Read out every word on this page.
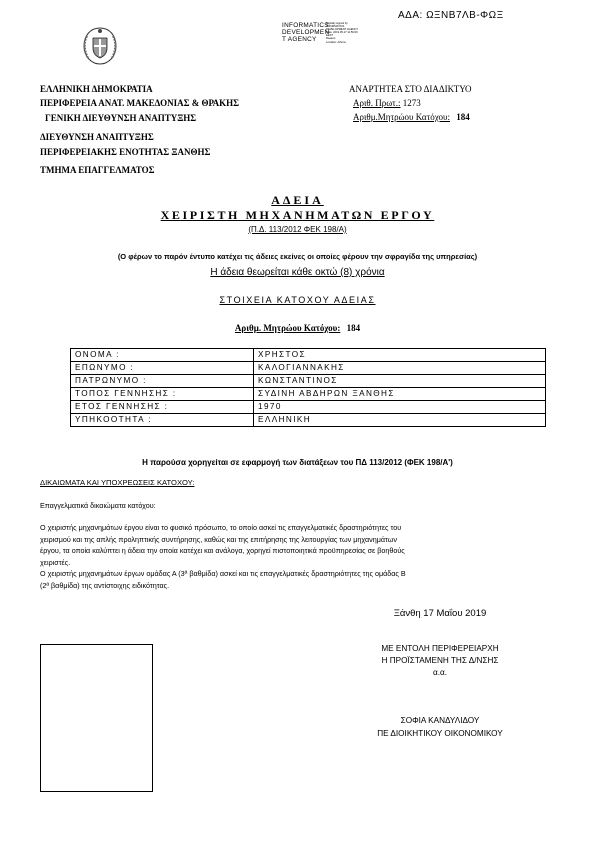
ΑΔΑ: ΩΞΝΒ7ΛΒ-ΦΩΞ
INFORMATICS
DEVELOPMEN
T AGENCY
Digitally signed by
INFORMATICS
DEVELOPMENT AGENCY
Date: 2019.05.17 11:56:09
EEST
Reason:
Location: Athens
ΕΛΛΗΝΙΚΗ ΔΗΜΟΚΡΑΤΙΑ
ΠΕΡΙΦΕΡΕΙΑ ΑΝΑΤ. ΜΑΚΕΔΟΝΙΑΣ & ΘΡΑΚΗΣ
ΓΕΝΙΚΗ ΔΙΕΥΘΥΝΣΗ ΑΝΑΠΤΥΞΗΣ
ΔΙΕΥΘΥΝΣΗ ΑΝΑΠΤΥΞΗΣ
ΠΕΡΙΦΕΡΕΙΑΚΗΣ ΕΝΟΤΗΤΑΣ ΞΑΝΘΗΣ
ΤΜΗΜΑ ΕΠΑΓΓΕΛΜΑΤΟΣ
ΑΝΑΡΤΗΤΕΑ ΣΤΟ ΔΙΑΔΙΚΤΥΟ
Αριθ. Πρωτ.: 1273
Αριθμ.Μητρώου Κατόχου: 184
ΑΔΕΙΑ
ΧΕΙΡΙΣΤΗ ΜΗΧΑΝΗΜΑΤΩΝ ΕΡΓΟΥ
(Π.Δ. 113/2012 ΦΕΚ 198/Α)
(Ο φέρων το παρόν έντυπο κατέχει τις άδειες εκείνες οι οποίες φέρουν την σφραγίδα της υπηρεσίας)
Η άδεια θεωρείται κάθε οκτώ (8) χρόνια
ΣΤΟΙΧΕΙΑ ΚΑΤΟΧΟΥ ΑΔΕΙΑΣ
Αριθμ. Μητρώου Κατόχου: 184
ΟΝΟΜΑ :	ΧΡΗΣΤΟΣ
ΕΠΩΝΥΜΟ :	ΚΑΛΟΓΙΑΝΝΑΚΗΣ
ΠΑΤΡΩΝΥΜΟ :	ΚΩΝΣΤΑΝΤΙΝΟΣ
ΤΟΠΟΣ ΓΕΝΝΗΣΗΣ :	ΣΥΔΙΝΗ ΑΒΔΗΡΩΝ ΞΑΝΘΗΣ
ΕΤΟΣ ΓΕΝΝΗΣΗΣ :	1970
ΥΠΗΚΟΟΤΗΤΑ :	ΕΛΛΗΝΙΚΗ
Η παρούσα χορηγείται σε εφαρμογή των διατάξεων του ΠΔ 113/2012 (ΦΕΚ 198/Α')
ΔΙΚΑΙΩΜΑΤΑ ΚΑΙ ΥΠΟΧΡΕΩΣΕΙΣ ΚΑΤΟΧΟΥ:
Επαγγελματικά δικαιώματα κατόχου:
Ο χειριστής μηχανημάτων έργου είναι το φυσικό πρόσωπο, το οποίο ασκεί τις επαγγελματικές δραστηριότητες του
χειρισμού και της απλής προληπτικής συντήρησης, καθώς και της επιτήρησης της λειτουργίας των μηχανημάτων
έργου, τα οποία καλύπτει η άδεια την οποία κατέχει και ανάλογα, χορηγεί πιστοποιητικά προϋπηρεσίας σε βοηθούς
χειριστές.
Ο χειριστής μηχανημάτων έργων ομάδας Α (3ª βαθμίδα) ασκεί και τις επαγγελματικές δραστηριότητες της ομάδας Β
(2ª βαθμίδα) της αντίστοιχης ειδικότητας.
Ξάνθη 17 Μαΐου 2019
ΜΕ ΕΝΤΟΛΗ ΠΕΡΙΦΕΡΕΙΑΡΧΗ
Η ΠΡΟΪΣΤΑΜΕΝΗ ΤΗΣ Δ/ΝΣΗΣ
α.α.
ΣΟΦΙΑ ΚΑΝΔΥΛΙΔΟΥ
ΠΕ ΔΙΟΙΚΗΤΙΚΟΥ ΟΙΚΟΝΟΜΙΚΟΥ
